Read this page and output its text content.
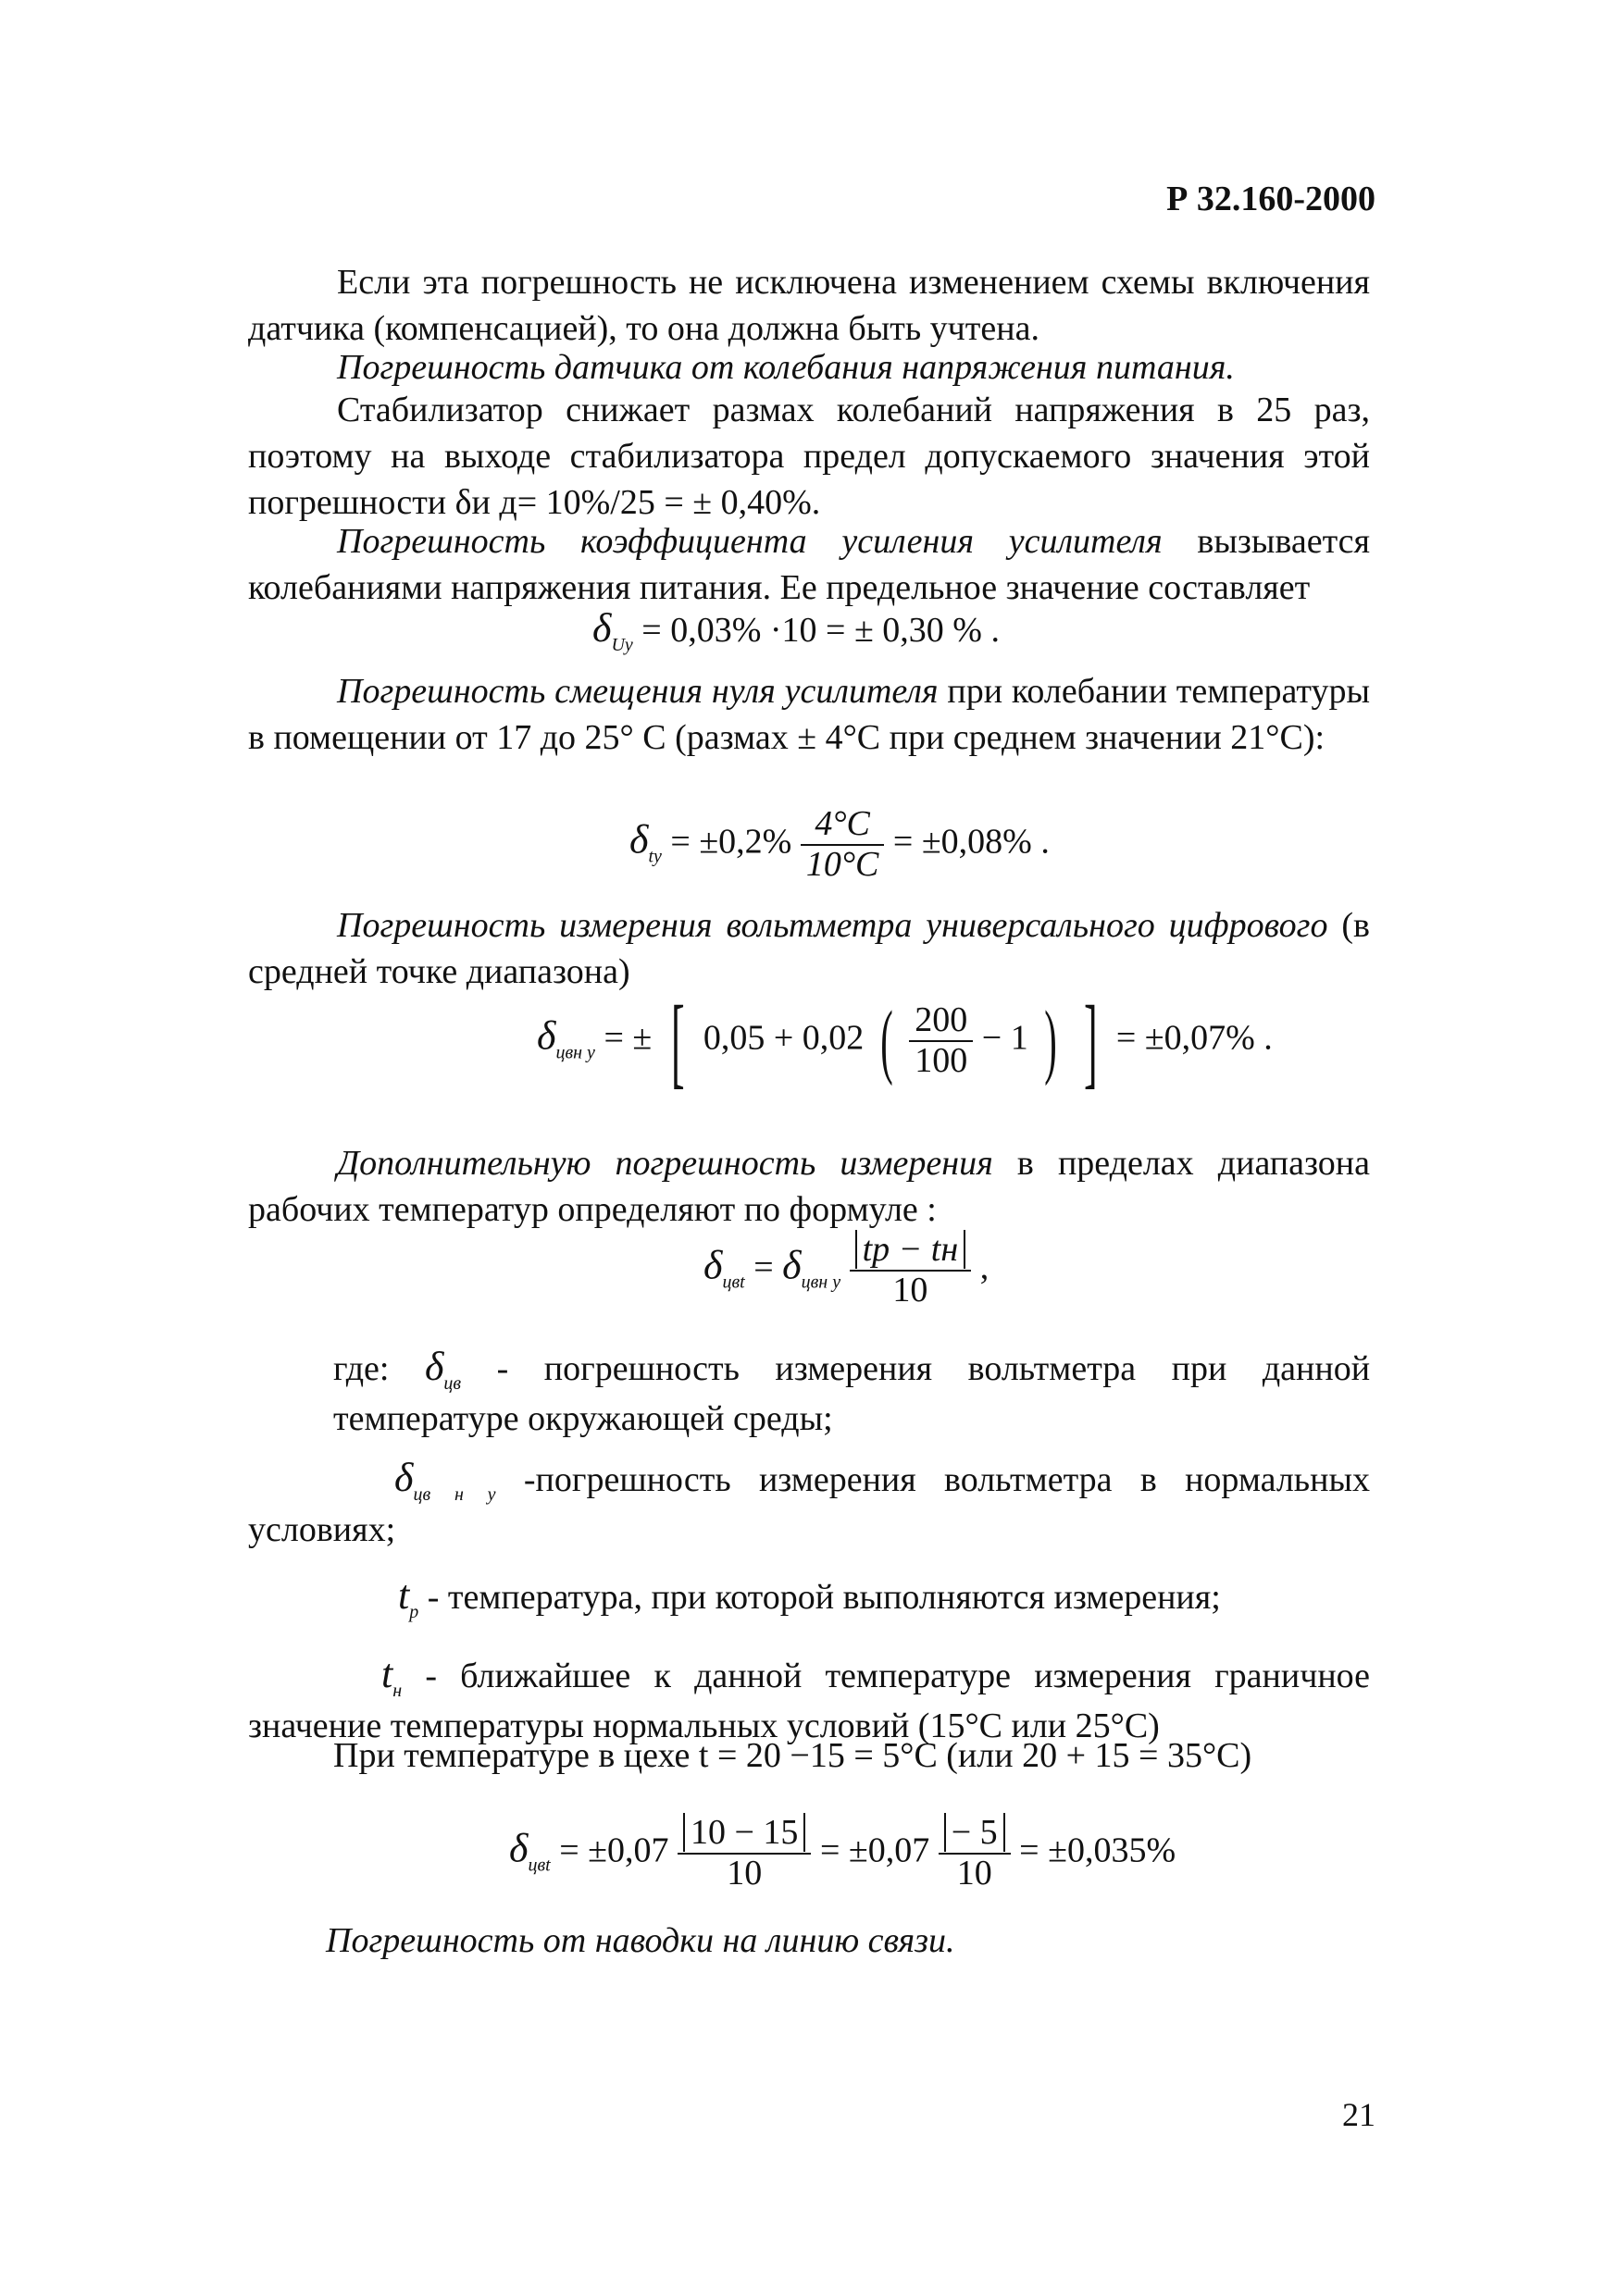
Р 32.160-2000
Если эта погрешность не исключена изменением схемы включения датчика (компенсацией), то она должна быть учтена.
Погрешность датчика от колебания напряжения питания.
Стабилизатор снижает размах колебаний напряжения в 25 раз, поэтому на выходе стабилизатора предел допускаемого значения этой погрешности δи д= 10%/25 = ± 0,40%.
Погрешность коэффициента усиления усилителя вызывается колебаниями напряжения питания. Ее предельное значение составляет
$\delta_{Uу} = 0,03\% \cdot 10$ = ± 0,30 % .
Погрешность смещения нуля усилителя при колебании температуры в помещении от 17 до 25° С (размах ± 4°С при среднем значении 21°С):
$\delta_{tу} = \pm 0,2\% \frac{4^\circ C}{10^\circ C} = \pm 0,08\%$ .
Погрешность измерения вольтметра универсального цифрового (в средней точке диапазона)
$\delta_{цвн у}$ = ± [ 0,05 + 0,02 ( $\frac{200}{100} - 1$ ) ] = ±0,07% .
Дополнительную погрешность измерения в пределах диапазона рабочих температур определяют по формуле :
$\delta_{цвt} = \delta_{цвн у} \frac{tp - tн}{10}$ ,
где: $\delta_{цв}$ - погрешность измерения вольтметра при данной температуре окружающей среды;
$\delta_{цв н у}$ -погрешность измерения вольтметра в нормальных условиях;
$t_p$ - температура, при которой выполняются измерения;
$t_н$ - ближайшее к данной температуре измерения граничное значение температуры нормальных условий (15°С или 25°С)
При температуре в цехе t = 20 −15 = 5°С (или 20 + 15 = 35°С)
$\delta_{цвt} = \pm 0,07 \frac{10 - 15}{10} = \pm 0,07 \frac{- 5}{10} = \pm 0,035\%$
Погрешность от наводки на линию связи.
21
